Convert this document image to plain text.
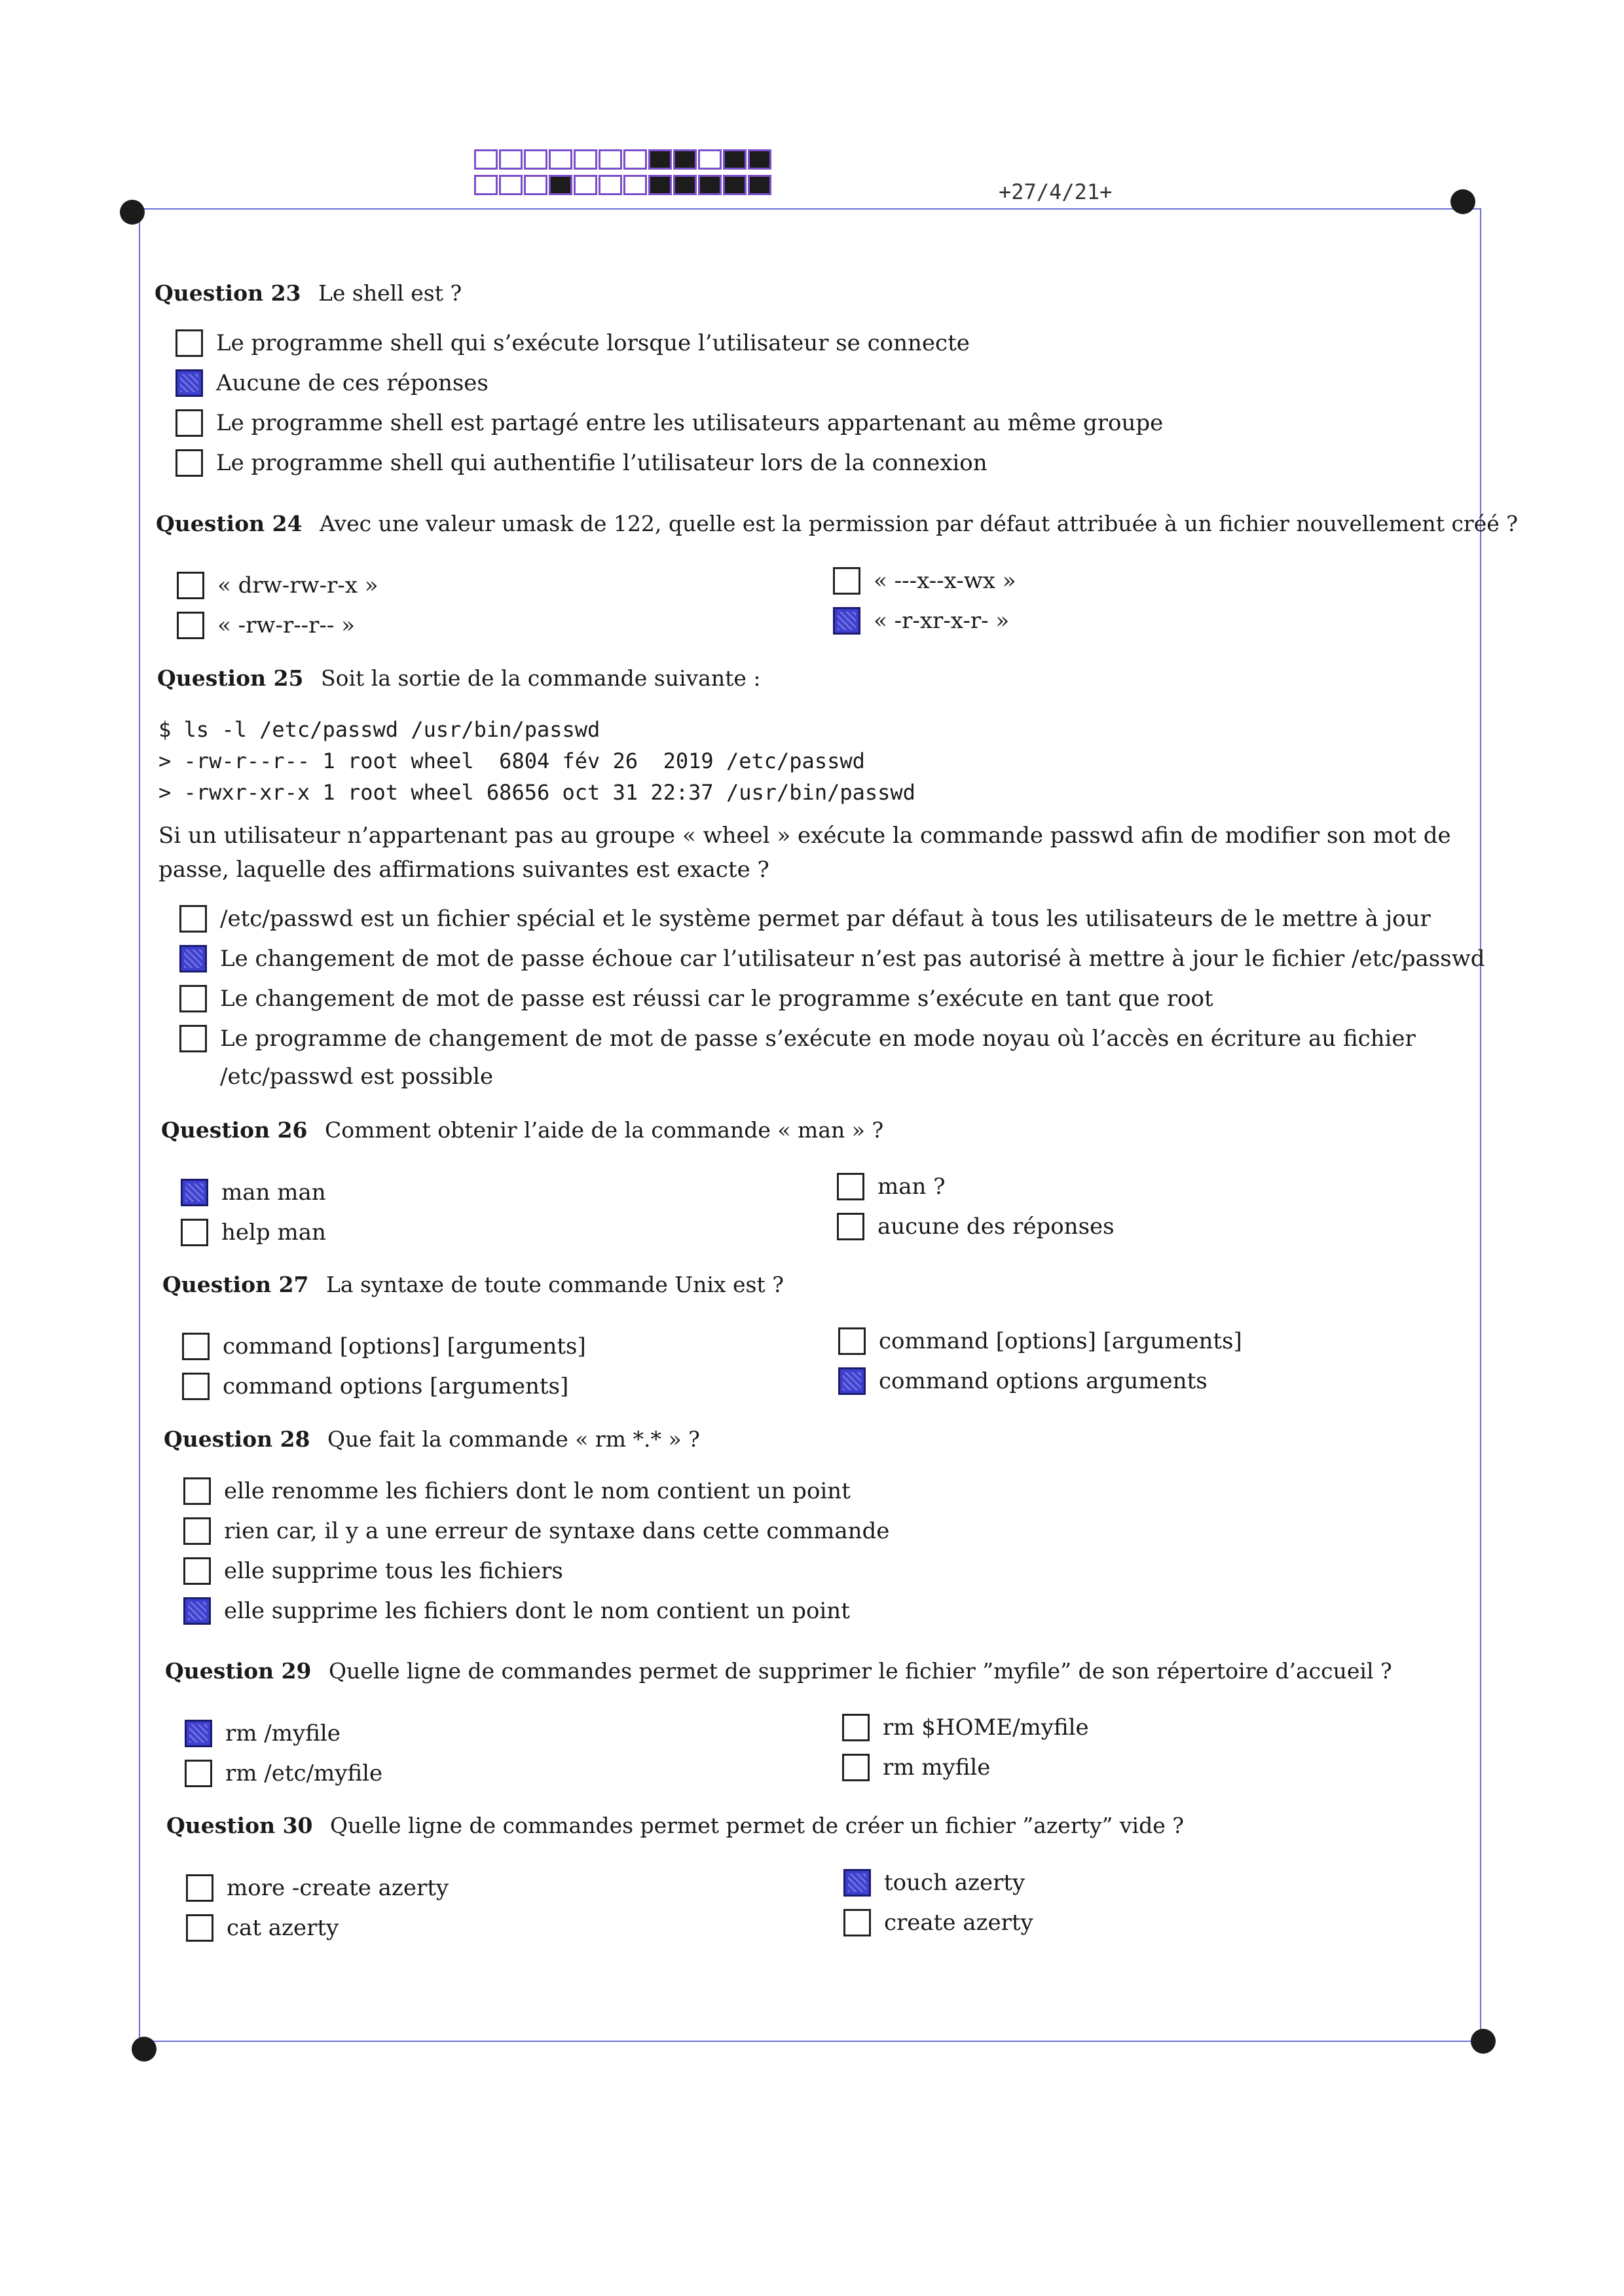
+27/4/21+
Question 23 Le shell est ?
Le programme shell qui s’exécute lorsque l’utilisateur se connecte
Aucune de ces réponses
Le programme shell est partagé entre les utilisateurs appartenant au même groupe
Le programme shell qui authentifie l’utilisateur lors de la connexion
Question 24 Avec une valeur umask de 122, quelle est la permission par défaut attribuée à un fichier nouvellement créé ?
« drw-rw-r-x »
« -rw-r--r-- »
« ---x--x-wx »
« -r-xr-x-r- »
Question 25 Soit la sortie de la commande suivante :
$ ls -l /etc/passwd /usr/bin/passwd
> -rw-r--r-- 1 root wheel  6804 fév 26  2019 /etc/passwd
> -rwxr-xr-x 1 root wheel 68656 oct 31 22:37 /usr/bin/passwd
Si un utilisateur n’appartenant pas au groupe « wheel » exécute la commande passwd afin de modifier son mot de passe, laquelle des affirmations suivantes est exacte ?
/etc/passwd est un fichier spécial et le système permet par défaut à tous les utilisateurs de le mettre à jour
Le changement de mot de passe échoue car l’utilisateur n’est pas autorisé à mettre à jour le fichier /etc/passwd
Le changement de mot de passe est réussi car le programme s’exécute en tant que root
Le programme de changement de mot de passe s’exécute en mode noyau où l’accès en écriture au fichier /etc/passwd est possible
Question 26 Comment obtenir l’aide de la commande « man » ?
man man
help man
man ?
aucune des réponses
Question 27 La syntaxe de toute commande Unix est ?
command [options] [arguments]
command options [arguments]
command [options] [arguments]
command options arguments
Question 28 Que fait la commande « rm *.* » ?
elle renomme les fichiers dont le nom contient un point
rien car, il y a une erreur de syntaxe dans cette commande
elle supprime tous les fichiers
elle supprime les fichiers dont le nom contient un point
Question 29 Quelle ligne de commandes permet de supprimer le fichier ”myfile” de son répertoire d’accueil ?
rm /myfile
rm /etc/myfile
rm $HOME/myfile
rm myfile
Question 30 Quelle ligne de commandes permet permet de créer un fichier ”azerty” vide ?
more -create azerty
cat azerty
touch azerty
create azerty
